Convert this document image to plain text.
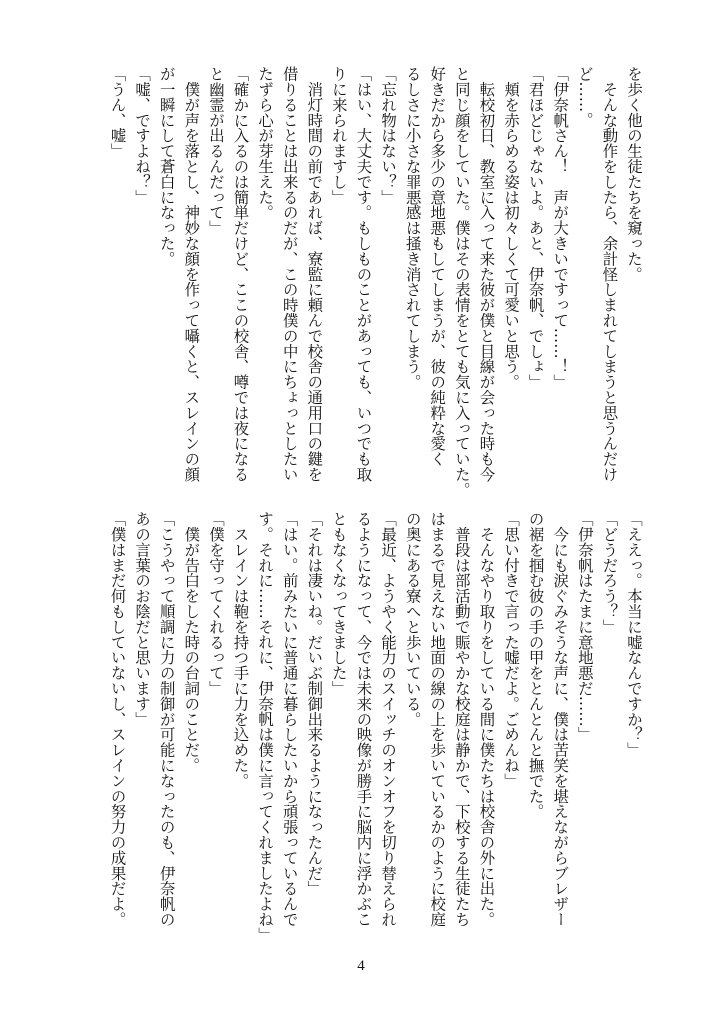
を歩く他の生徒たちを窺った。
　そんな動作をしたら、余計怪しまれてしまうと思うんだけ
ど……。
「伊奈帆さん！　声が大きいですって……！」
「君ほどじゃないよ。あと、伊奈帆、でしょ」
　頬を赤らめる姿は初々しくて可愛いと思う。
　転校初日、教室に入って来た彼が僕と目線が会った時も今
と同じ顔をしていた。僕はその表情をとても気に入っていた。
好きだから多少の意地悪もしてしまうが、彼の純粋な愛く
るしさに小さな罪悪感は掻き消されてしまう。
「忘れ物はない？」
「はい、大丈夫です。もしものことがあっても、いつでも取
りに来られますし」
　消灯時間の前であれば、寮監に頼んで校舎の通用口の鍵を
借りることは出来るのだが、この時僕の中にちょっとしたい
たずら心が芽生えた。
「確かに入るのは簡単だけど、ここの校舎、噂では夜になる
と幽霊が出るんだって」
　僕が声を落とし、神妙な顔を作って囁くと、スレインの顔
が一瞬にして蒼白になった。
「嘘、ですよね？」
「うん、嘘」
「ええっ。本当に嘘なんですか？」
「どうだろう？」
「伊奈帆はたまに意地悪だ……」
　今にも涙ぐみそうな声に、僕は苦笑を堪えながらブレザー
の裾を掴む彼の手の甲をとんとんと撫でた。
「思い付きで言った嘘だよ。ごめんね」
　そんなやり取りをしている間に僕たちは校舎の外に出た。
　普段は部活動で賑やかな校庭は静かで、下校する生徒たち
はまるで見えない地面の線の上を歩いているかのように校庭
の奥にある寮へと歩いている。
「最近、ようやく能力のスイッチのオンオフを切り替えられ
るようになって、今では未来の映像が勝手に脳内に浮かぶこ
ともなくなってきました」
「それは凄いね。だいぶ制御出来るようになったんだ」
「はい。前みたいに普通に暮らしたいから頑張っているんで
す。それに……それに、伊奈帆は僕に言ってくれましたよね」
　スレインは鞄を持つ手に力を込めた。
「僕を守ってくれるって」
　僕が告白をした時の台詞のことだ。
「こうやって順調に力の制御が可能になったのも、伊奈帆の
あの言葉のお陰だと思います」
「僕はまだ何もしていないし、スレインの努力の成果だよ。
4
